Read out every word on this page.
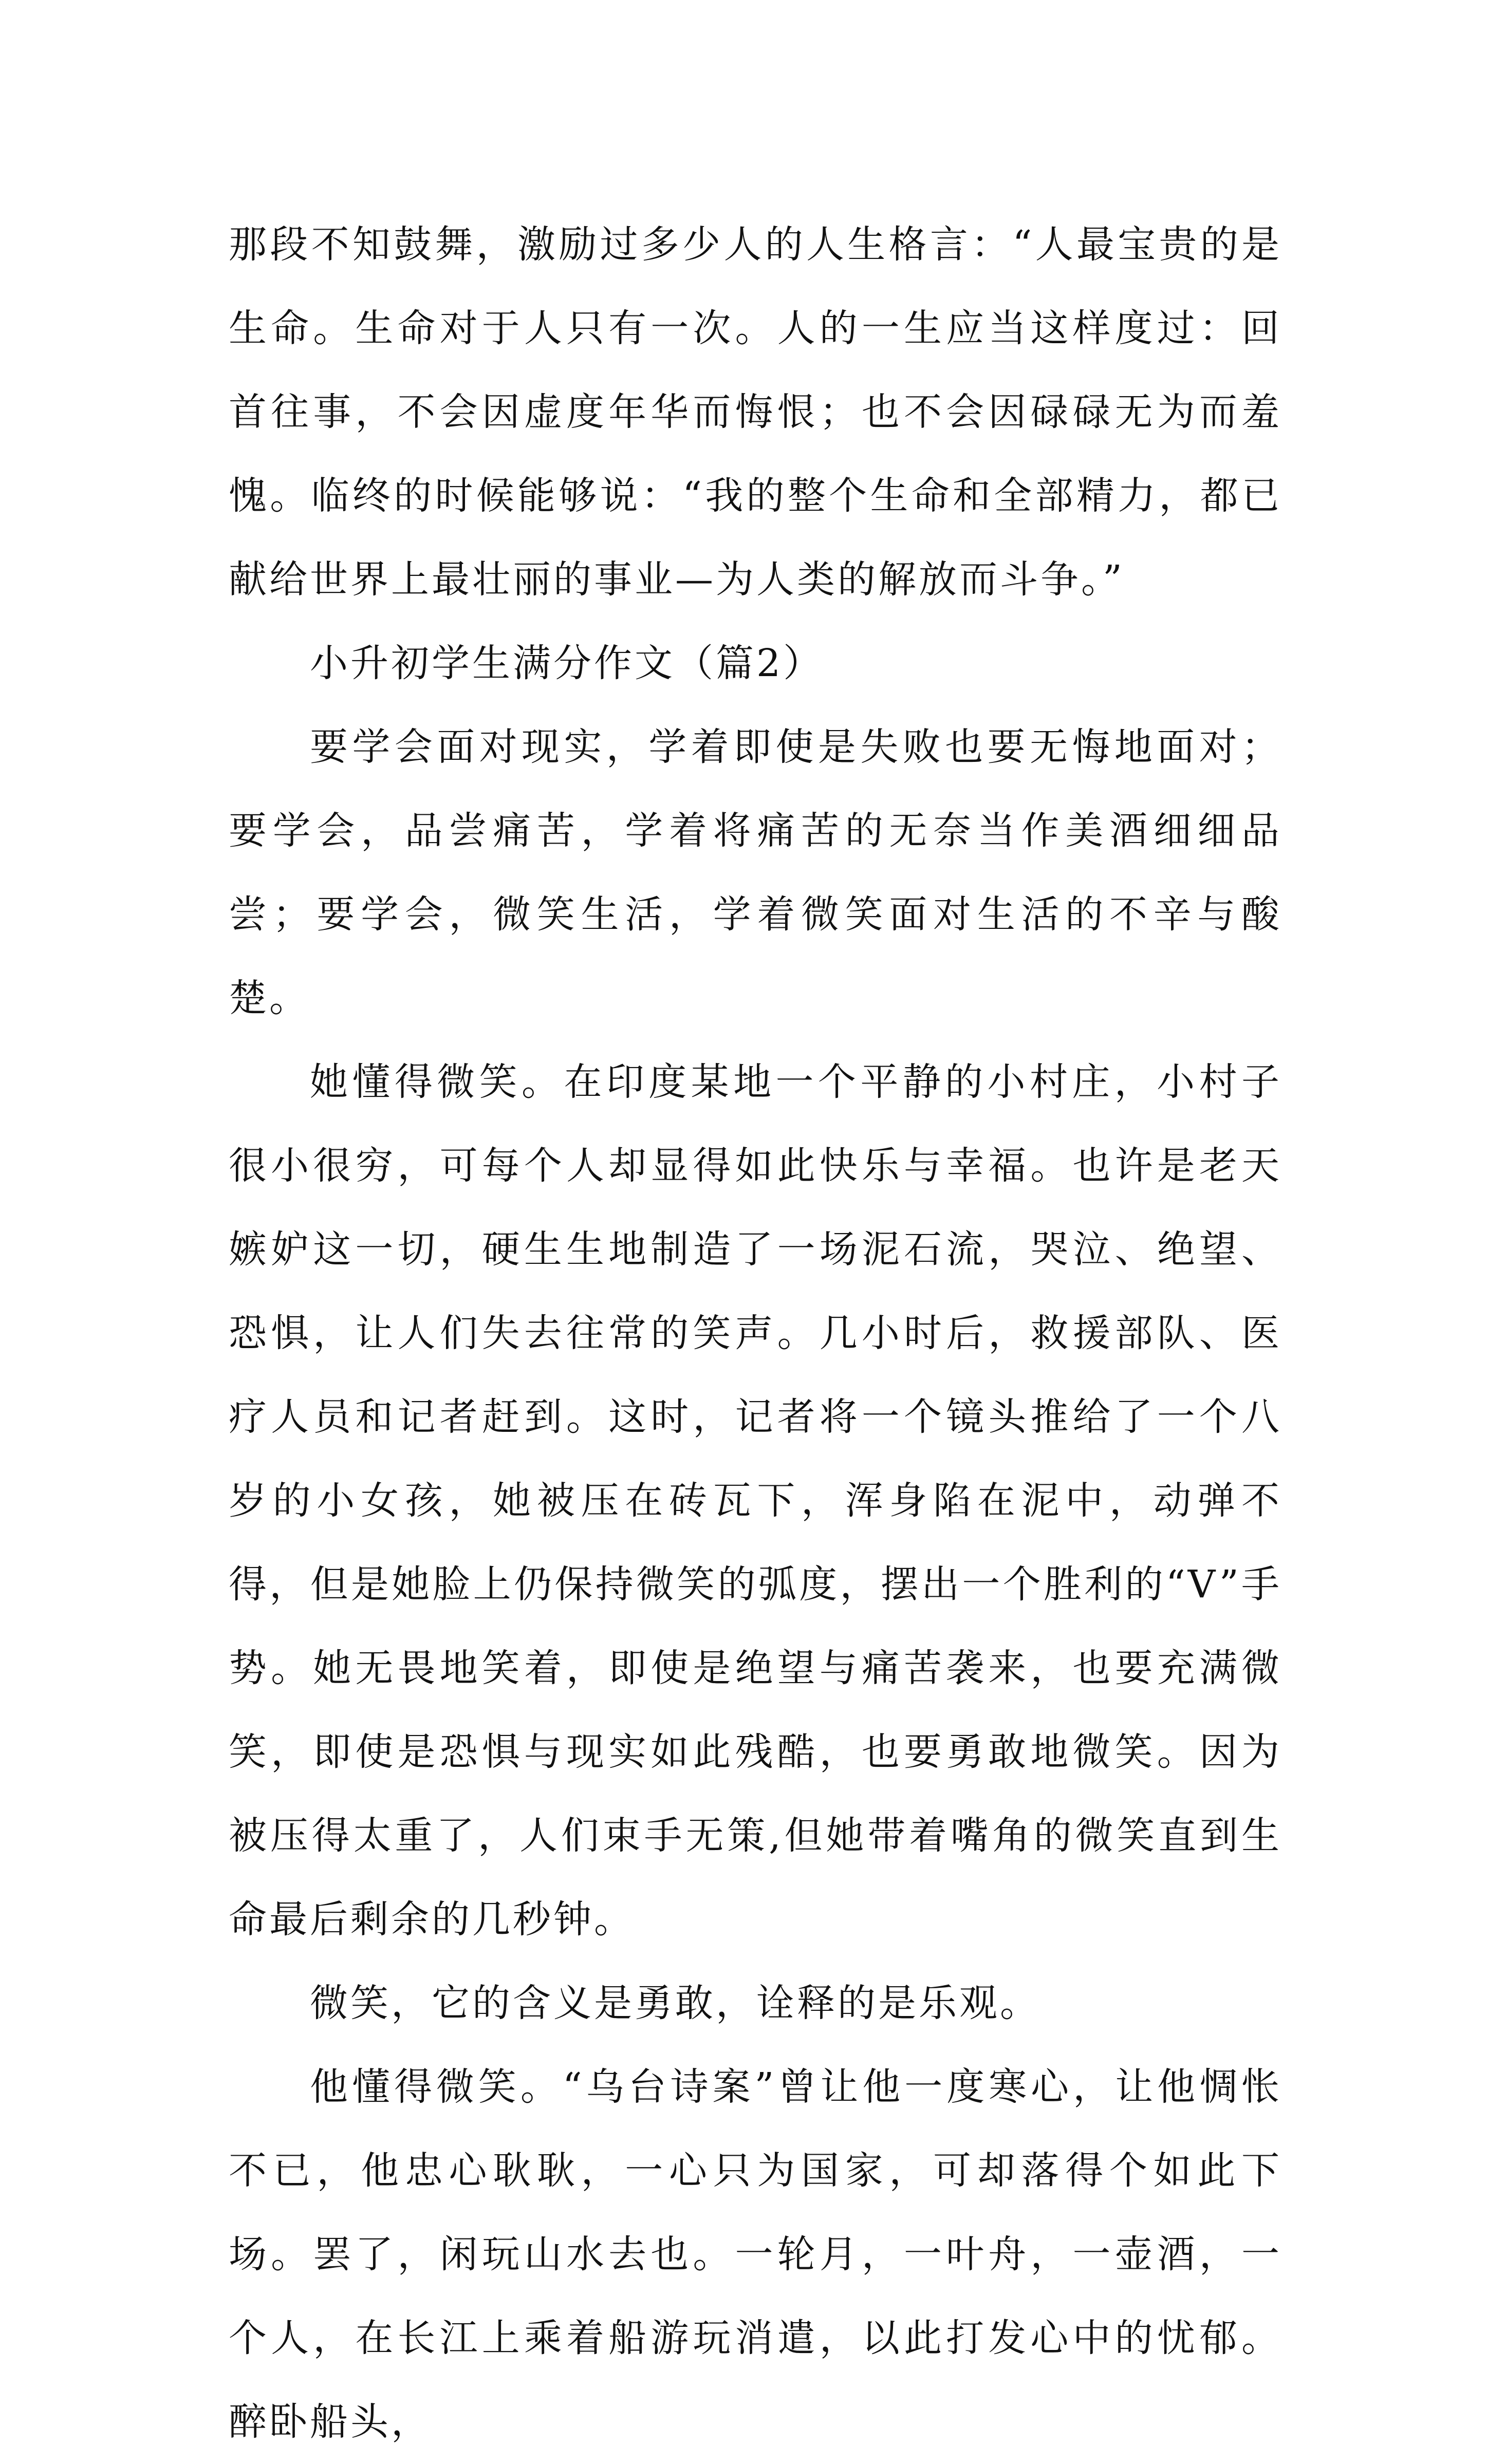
那段不知鼓舞，激励过多少人的人生格言：“人最宝贵的是生命。生命对于人只有一次。人的一生应当这样度过：回首往事，不会因虚度年华而悔恨；也不会因碌碌无为而羞愧。临终的时候能够说：“我的整个生命和全部精力，都已献给世界上最壮丽的事业—为人类的解放而斗争。”

小升初学生满分作文（篇2）

要学会面对现实，学着即使是失败也要无悔地面对；要学会，品尝痛苦，学着将痛苦的无奈当作美酒细细品尝；要学会，微笑生活，学着微笑面对生活的不辛与酸楚。

她懂得微笑。在印度某地一个平静的小村庄，小村子很小很穷，可每个人却显得如此快乐与幸福。也许是老天嫉妒这一切，硬生生地制造了一场泥石流，哭泣、绝望、恐惧，让人们失去往常的笑声。几小时后，救援部队、医疗人员和记者赶到。这时，记者将一个镜头推给了一个八岁的小女孩，她被压在砖瓦下，浑身陷在泥中，动弹不得，但是她脸上仍保持微笑的弧度，摆出一个胜利的“V”手势。她无畏地笑着，即使是绝望与痛苦袭来，也要充满微笑，即使是恐惧与现实如此残酷，也要勇敢地微笑。因为被压得太重了，人们束手无策,但她带着嘴角的微笑直到生命最后剩余的几秒钟。

微笑，它的含义是勇敢，诠释的是乐观。

他懂得微笑。“乌台诗案”曾让他一度寒心，让他惆怅不已，他忠心耿耿，一心只为国家，可却落得个如此下场。罢了，闲玩山水去也。一轮月，一叶舟，一壶酒，一个人，在长江上乘着船游玩消遣，以此打发心中的忧郁。醉卧船头，
